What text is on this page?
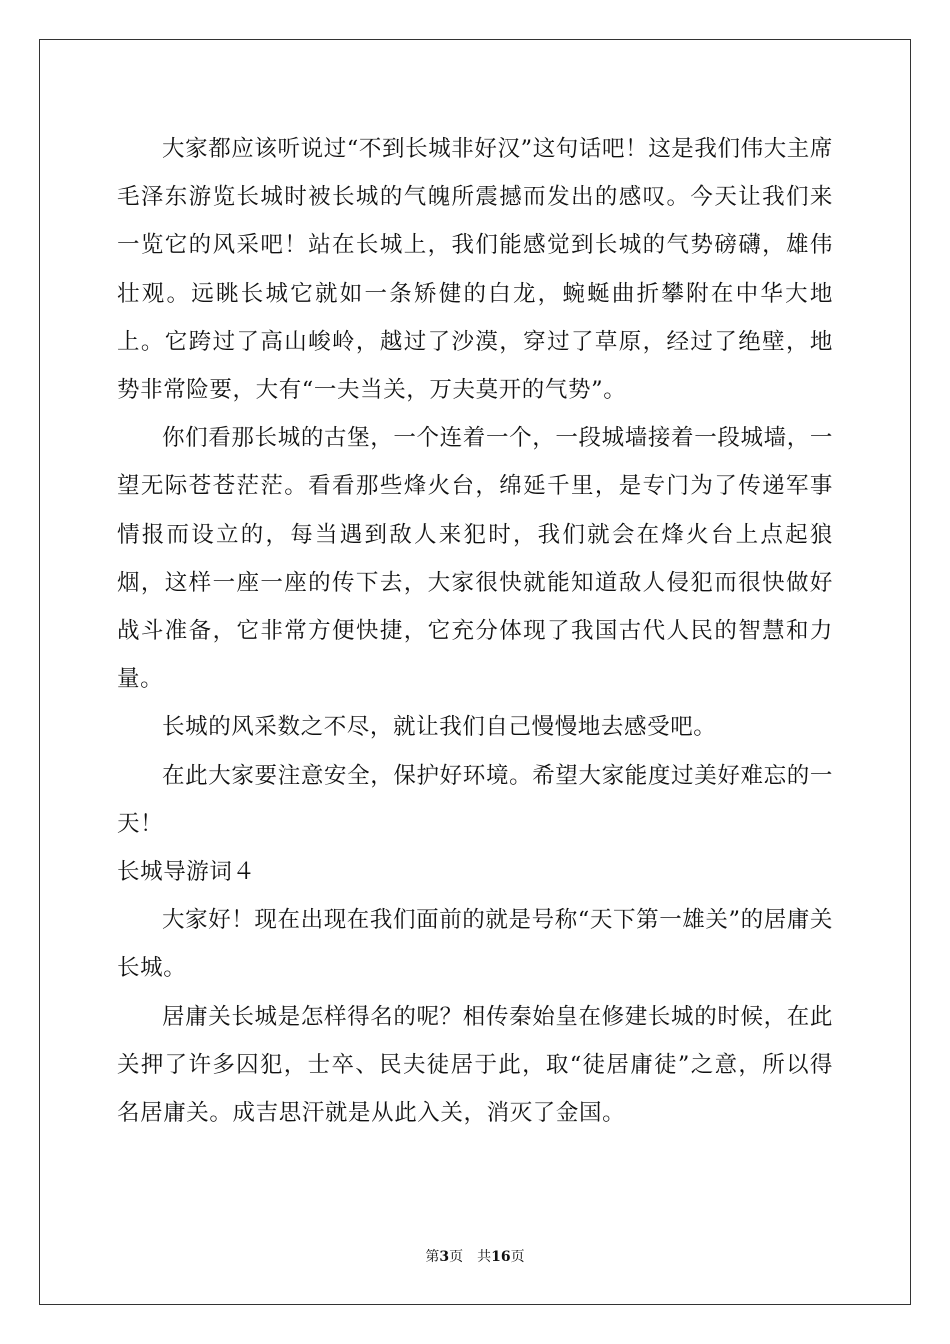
大家都应该听说过“不到长城非好汉”这句话吧！这是我们伟大主席毛泽东游览长城时被长城的气魄所震撼而发出的感叹。今天让我们来一览它的风采吧！站在长城上，我们能感觉到长城的气势磅礴，雄伟壮观。远眺长城它就如一条矫健的白龙，蜿蜒曲折攀附在中华大地上。它跨过了高山峻岭，越过了沙漠，穿过了草原，经过了绝壁，地势非常险要，大有“一夫当关，万夫莫开的气势”。

你们看那长城的古堡，一个连着一个，一段城墙接着一段城墙，一望无际苍苍茫茫。看看那些烽火台，绵延千里，是专门为了传递军事情报而设立的，每当遇到敌人来犯时，我们就会在烽火台上点起狼烟，这样一座一座的传下去，大家很快就能知道敌人侵犯而很快做好战斗准备，它非常方便快捷，它充分体现了我国古代人民的智慧和力量。

长城的风采数之不尽，就让我们自己慢慢地去感受吧。

在此大家要注意安全，保护好环境。希望大家能度过美好难忘的一天！

长城导游词４

大家好！现在出现在我们面前的就是号称“天下第一雄关”的居庸关长城。

居庸关长城是怎样得名的呢？相传秦始皇在修建长城的时候，在此关押了许多囚犯，士卒、民夫徒居于此，取“徒居庸徒”之意，所以得名居庸关。成吉思汗就是从此入关，消灭了金国。

第3页 共16页
